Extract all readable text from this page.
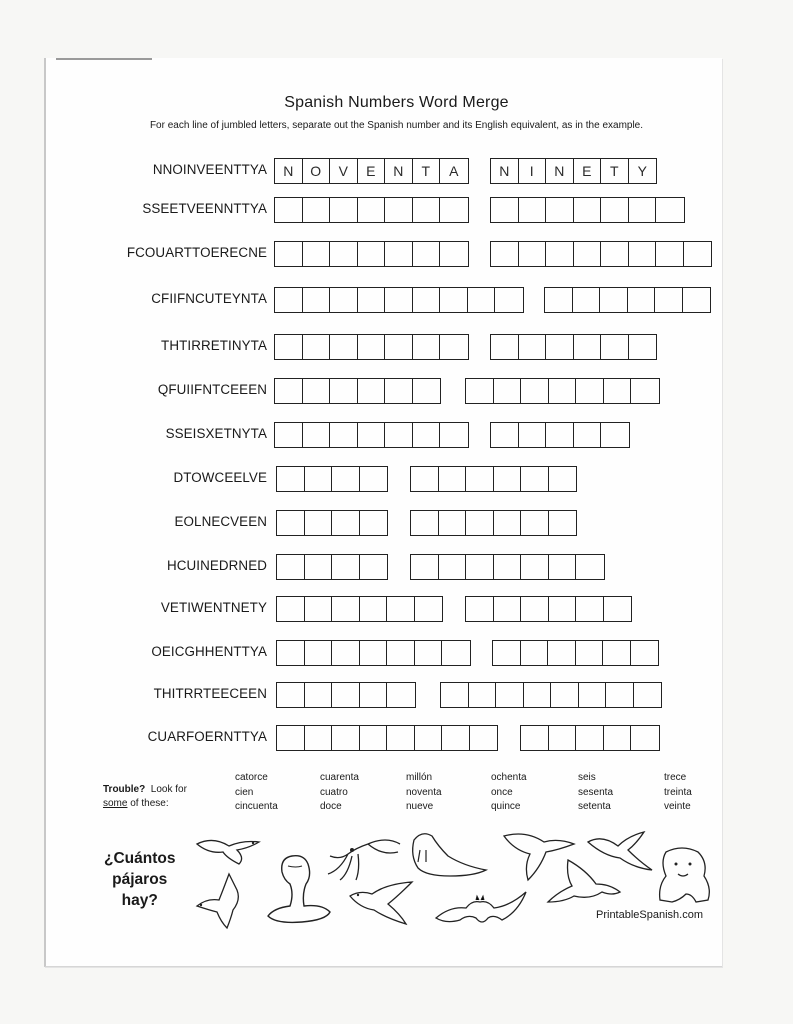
Spanish Numbers Word Merge
For each line of jumbled letters, separate out the Spanish number and its English equivalent, as in the example.
NNOINVEENTTYA	N	O	V	E	N	T	A	N	I	N	E	T	Y
SSEETVEENNTTYA
FCOUARTTOERECNE
CFIIFNCUTEYNTA
THTIRRETINYTA
QFUIIFNTCEEEN
SSEISXETNYTA
DTOWCEELVE
EOLNECVEEN
HCUINEDRNED
VETIWENTNETY
OEICGHHENTTYA
THITRRTEECEEN
CUARFOERNTTYA
Trouble? Look for
some of these:
catorce
cien
cincuenta
cuarenta
cuatro
doce
millón
noventa
nueve
ochenta
once
quince
seis
sesenta
setenta
trece
treinta
veinte
¿Cuántos
pájaros
hay?
PrintableSpanish.com
